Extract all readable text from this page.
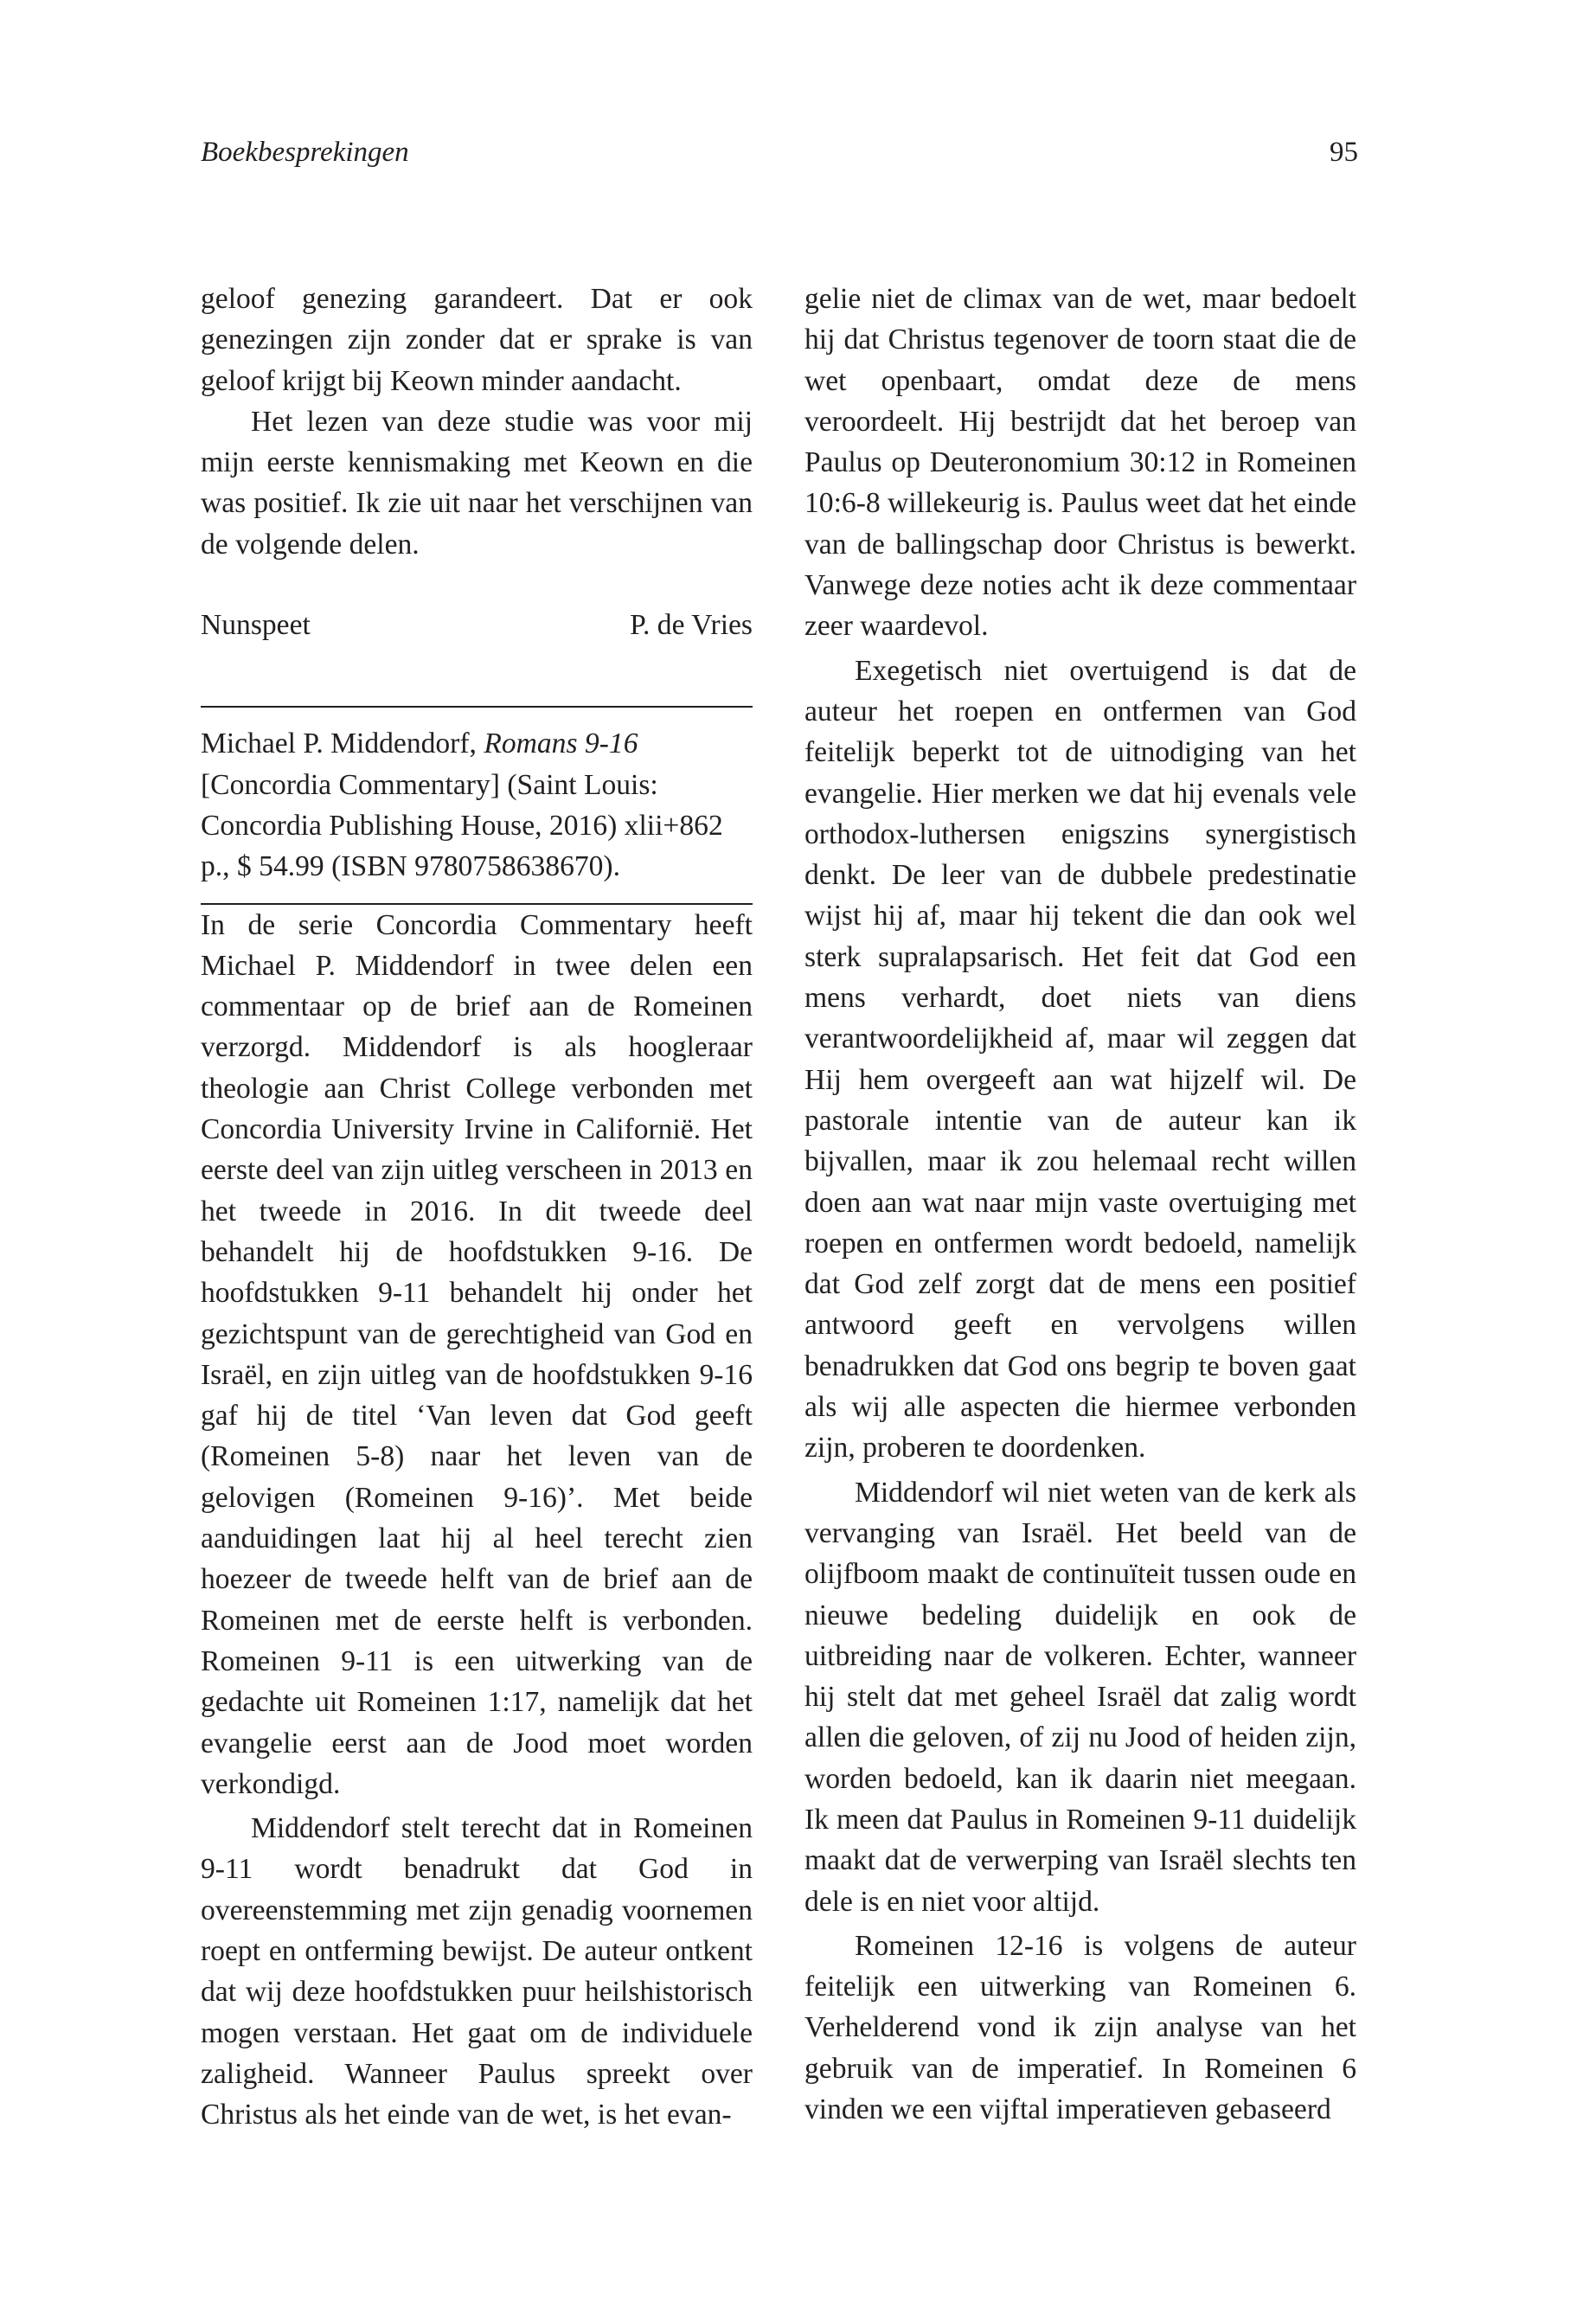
Boekbesprekingen	95

geloof genezing garandeert. Dat er ook genezingen zijn zonder dat er sprake is van geloof krijgt bij Keown minder aandacht.

Het lezen van deze studie was voor mij mijn eerste kennismaking met Keown en die was positief. Ik zie uit naar het verschijnen van de volgende delen.

Nunspeet	P. de Vries
Michael P. Middendorf, Romans 9-16 [Concordia Commentary] (Saint Louis: Concordia Publishing House, 2016) xlii+862 p., $ 54.99 (ISBN 9780758638670).

In de serie Concordia Commentary heeft Michael P. Middendorf in twee delen een commentaar op de brief aan de Romeinen verzorgd. Middendorf is als hoogleraar theologie aan Christ College verbonden met Concordia University Irvine in Californië. Het eerste deel van zijn uitleg verscheen in 2013 en het tweede in 2016. In dit tweede deel behandelt hij de hoofdstukken 9-16. De hoofdstukken 9-11 behandelt hij onder het gezichtspunt van de gerechtigheid van God en Israël, en zijn uitleg van de hoofdstukken 9-16 gaf hij de titel ‘Van leven dat God geeft (Romeinen 5-8) naar het leven van de gelovigen (Romeinen 9-16)’. Met beide aanduidingen laat hij al heel terecht zien hoezeer de tweede helft van de brief aan de Romeinen met de eerste helft is verbonden. Romeinen 9-11 is een uitwerking van de gedachte uit Romeinen 1:17, namelijk dat het evangelie eerst aan de Jood moet worden verkondigd.

Middendorf stelt terecht dat in Romeinen 9-11 wordt benadrukt dat God in overeenstemming met zijn genadig voornemen roept en ontferming bewijst. De auteur ontkent dat wij deze hoofdstukken puur heilshistorisch mogen verstaan. Het gaat om de individuele zaligheid. Wanneer Paulus spreekt over Christus als het einde van de wet, is het evan-

gelie niet de climax van de wet, maar bedoelt hij dat Christus tegenover de toorn staat die de wet openbaart, omdat deze de mens veroordeelt. Hij bestrijdt dat het beroep van Paulus op Deuteronomium 30:12 in Romeinen 10:6-8 willekeurig is. Paulus weet dat het einde van de ballingschap door Christus is bewerkt. Vanwege deze noties acht ik deze commentaar zeer waardevol.

Exegetisch niet overtuigend is dat de auteur het roepen en ontfermen van God feitelijk beperkt tot de uitnodiging van het evangelie. Hier merken we dat hij evenals vele orthodox-luthersen enigszins synergistisch denkt. De leer van de dubbele predestinatie wijst hij af, maar hij tekent die dan ook wel sterk supralapsarisch. Het feit dat God een mens verhardt, doet niets van diens verantwoordelijkheid af, maar wil zeggen dat Hij hem overgeeft aan wat hijzelf wil. De pastorale intentie van de auteur kan ik bijvallen, maar ik zou helemaal recht willen doen aan wat naar mijn vaste overtuiging met roepen en ontfermen wordt bedoeld, namelijk dat God zelf zorgt dat de mens een positief antwoord geeft en vervolgens willen benadrukken dat God ons begrip te boven gaat als wij alle aspecten die hiermee verbonden zijn, proberen te doordenken.

Middendorf wil niet weten van de kerk als vervanging van Israël. Het beeld van de olijfboom maakt de continuïteit tussen oude en nieuwe bedeling duidelijk en ook de uitbreiding naar de volkeren. Echter, wanneer hij stelt dat met geheel Israël dat zalig wordt allen die geloven, of zij nu Jood of heiden zijn, worden bedoeld, kan ik daarin niet meegaan. Ik meen dat Paulus in Romeinen 9-11 duidelijk maakt dat de verwerping van Israël slechts ten dele is en niet voor altijd.

Romeinen 12-16 is volgens de auteur feitelijk een uitwerking van Romeinen 6. Verhelderend vond ik zijn analyse van het gebruik van de imperatief. In Romeinen 6 vinden we een vijftal imperatieven gebaseerd
